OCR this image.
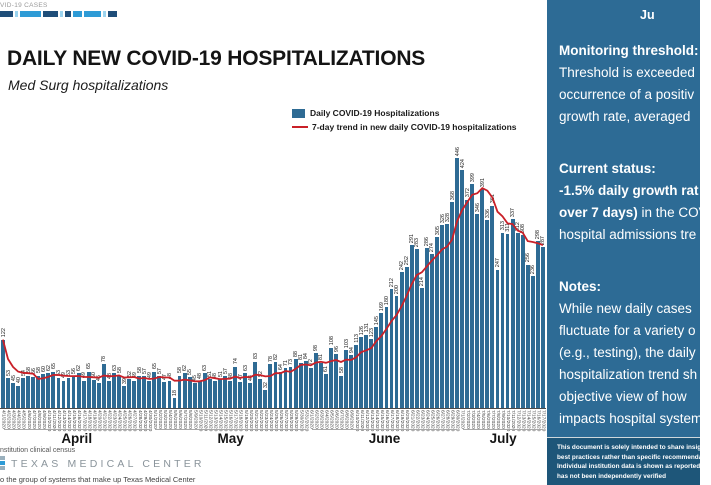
VID-19 CASES
DAILY NEW COVID-19 HOSPITALIZATIONS
Med Surg hospitalizations
Daily COVID-19 Hospitalizations
7-day trend in new daily COVID-19 hospitalizations
122
53
45 40
54 58 56 58 60 62 65
53 49 53 56
62
49
65
50 45
78
48
63 58
39
52 49
58 57
49
65
57
47 48
18
58 62
55
45 48
63
51 48 51
57
48
74
47
63
44
83
52
32
78 82
64
71 73
88
81 84
72
98
81
61
108
96
58
103
94
113
126 131 123
145
169
180
212
200
242
252
291 283
214
286
274
305
326 328
368
446
424
372
399
346
391
336
361
247
313 311
337
312 308
256
236
298
287
4/1/2020 4/2/2020 4/3/2020 4/4/2020 4/5/2020 4/6/2020 4/7/2020 4/8/2020 4/9/2020 4/10/2020 4/11/2020 4/12/2020 4/13/2020 4/14/2020 4/15/2020 4/16/2020 4/17/2020 4/18/2020 4/19/2020 4/20/2020 4/21/2020 4/22/2020 4/23/2020 4/24/2020 4/25/2020 4/26/2020 4/27/2020 4/28/2020 4/29/2020 4/30/2020 5/1/2020 5/2/2020 5/3/2020 5/4/2020 5/5/2020 5/6/2020 5/7/2020 5/8/2020 5/9/2020 5/10/2020 5/11/2020 5/12/2020 5/13/2020 5/14/2020 5/15/2020 5/16/2020 5/17/2020 5/18/2020 5/19/2020 5/20/2020 5/21/2020 5/22/2020 5/23/2020 5/24/2020 5/25/2020 5/26/2020 5/27/2020 5/28/2020 5/29/2020 5/30/2020 5/31/2020 6/1/2020 6/2/2020 6/3/2020 6/4/2020 6/5/2020 6/6/2020 6/7/2020 6/8/2020 6/9/2020 6/10/2020 6/11/2020 6/12/2020 6/13/2020 6/14/2020 6/15/2020 6/16/2020 6/17/2020 6/18/2020 6/19/2020 6/20/2020 6/21/2020 6/22/2020 6/23/2020 6/24/2020 6/25/2020 6/26/2020 6/27/2020 6/28/2020 6/29/2020 6/30/2020 7/1/2020 7/2/2020 7/3/2020 7/4/2020 7/5/2020 7/6/2020 7/7/2020 7/8/2020 7/9/2020 7/10/2020 7/11/2020 7/12/2020 7/13/2020 7/14/2020 7/15/2020 7/16/2020 7/17/2020
April	May	June	July
nstitution clinical census
TEXAS MEDICAL CENTER
o the group of systems that make up Texas Medical Center
Ju
Monitoring threshold:
Threshold is exceeded
occurrence of a positiv
growth rate, averaged
Current status:
-1.5% daily growth rat
over 7 days) in the COV
hospital admissions tre
Notes:
While new daily cases
fluctuate for a variety o
(e.g., testing), the daily
hospitalization trend sh
objective view of how
impacts hospital system
This document is solely intended to share insights
best practices rather than specific recommendatio
Individual institution data is shown as reported an
has not been independently verified
